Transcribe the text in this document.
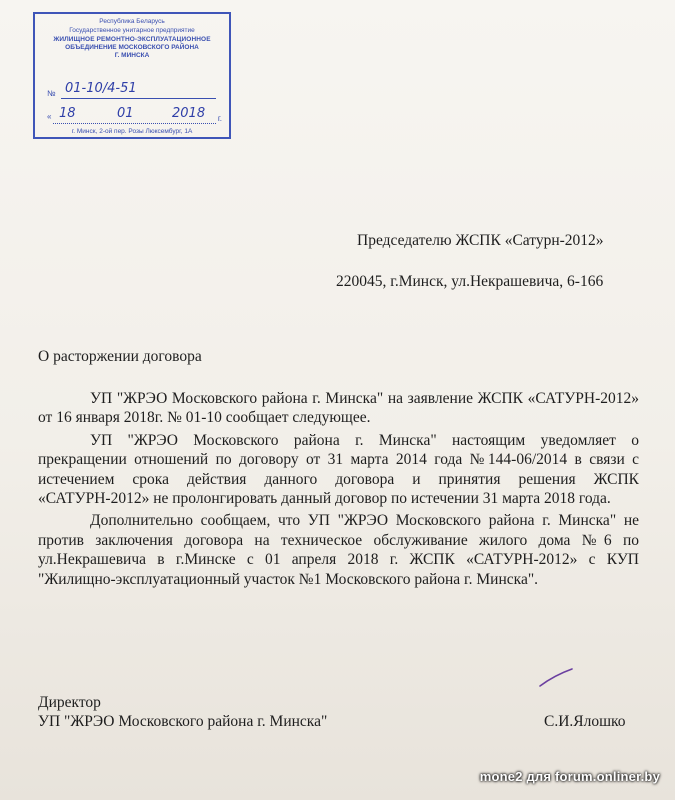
Республика Беларусь
Государственное унитарное предприятие
ЖИЛИЩНОЕ РЕМОНТНО-ЭКСПЛУАТАЦИОННОЕ
ОБЪЕДИНЕНИЕ МОСКОВСКОГО РАЙОНА
Г. МИНСКА
№ 01-10/4-51
« 18	01	2018 г.
г. Минск, 2-ой пер. Розы Люксембург, 1А
Председателю ЖСПК «Сатурн-2012»
220045, г.Минск, ул.Некрашевича, 6-166
О расторжении договора

УП "ЖРЭО Московского района г. Минска" на заявление ЖСПК «САТУРН-2012» от 16 января 2018г. № 01-10 сообщает следующее.

УП "ЖРЭО Московского района г. Минска" настоящим уведомляет о прекращении отношений по договору от 31 марта 2014 года №144-06/2014 в связи с истечением срока действия данного договора и принятия решения ЖСПК «САТУРН-2012» не пролонгировать данный договор по истечении 31 марта 2018 года.

Дополнительно сообщаем, что УП "ЖРЭО Московского района г. Минска" не против заключения договора на техническое обслуживание жилого дома №6 по ул.Некрашевича в г.Минске с 01 апреля 2018 г. ЖСПК «САТУРН-2012» с КУП "Жилищно-эксплуатационный участок №1 Московского района г. Минска".

Директор
УП "ЖРЭО Московского района г. Минска"	С.И.Ялошко
mone2 для forum.onliner.by
